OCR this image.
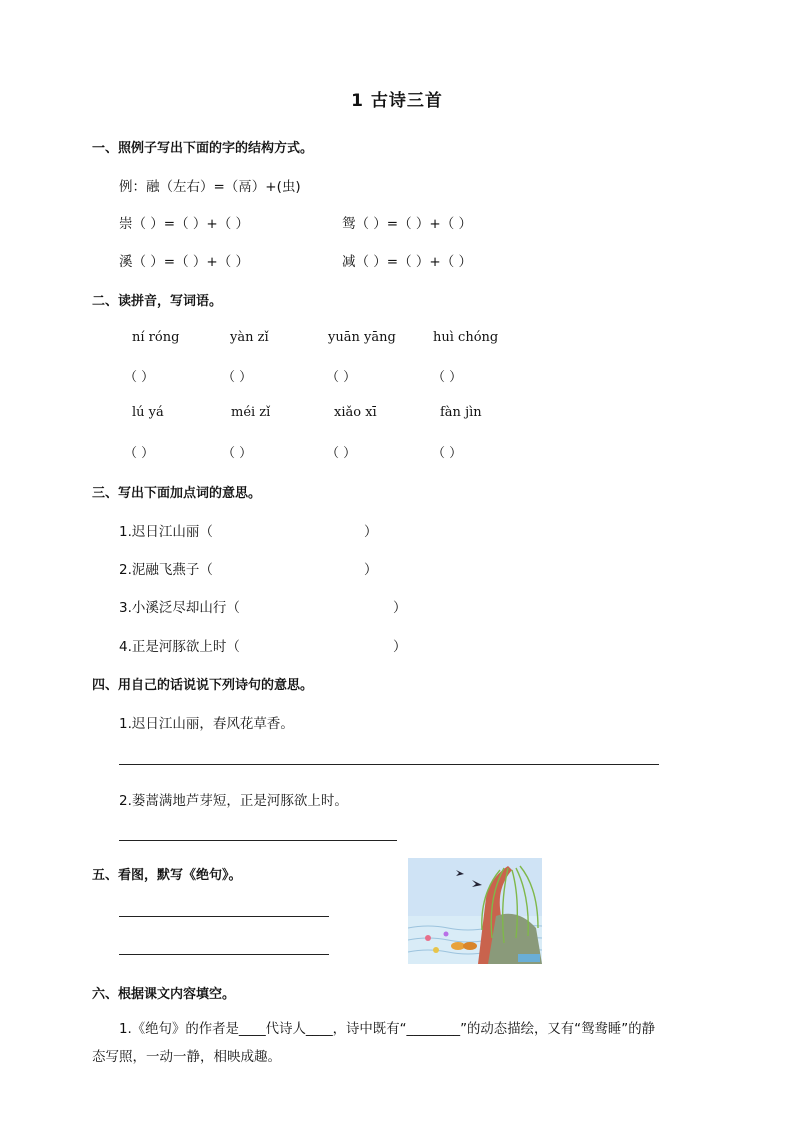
1 古诗三首
一、照例子写出下面的字的结构方式。
例：融（左右）=（鬲）+(虫)
崇（ ）=（ ）+（ ）	鸳（ ）=（ ）+（ ）
溪（ ）=（ ）+（ ）	减（ ）=（ ）+（ ）
二、读拼音，写词语。
ní róng	yàn zǐ	yuān yāng	huì chóng
（ ）	（ ）	（ ）	（ ）
lú yá	méi zǐ	xiǎo xī	fàn jìn
（ ）	（ ）	（ ）	（ ）
三、写出下面加点词的意思。
1.迟日江山丽（	）
2.泥融飞燕子（	）
3.小溪泛尽却山行（	）
4.正是河豚欲上时（	）
四、用自己的话说说下列诗句的意思。
1.迟日江山丽，春风花草香。
2.蒌蒿满地芦芽短，正是河豚欲上时。
五、看图，默写《绝句》。
六、根据课文内容填空。
1.《绝句》的作者是____代诗人____，诗中既有“________”的动态描绘，又有“鸳鸯睡”的静
态写照，一动一静，相映成趣。
